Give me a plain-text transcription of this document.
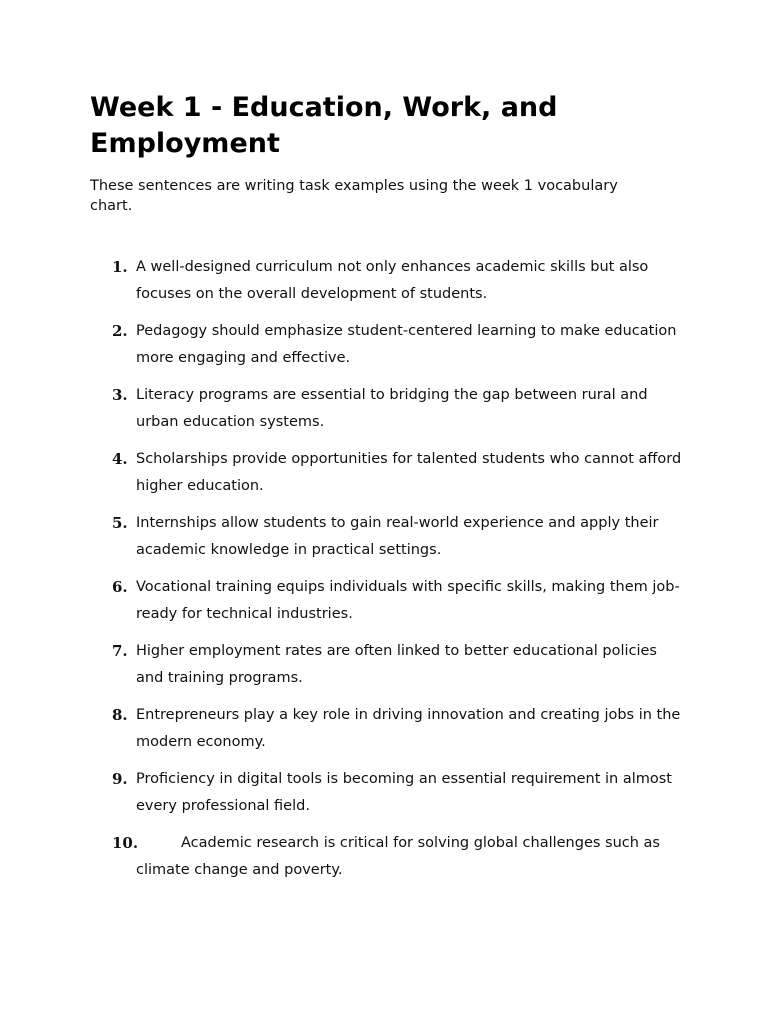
Week 1 - Education, Work, and Employment

These sentences are writing task examples using the week 1 vocabulary chart.

1. A well-designed curriculum not only enhances academic skills but also focuses on the overall development of students.
2. Pedagogy should emphasize student-centered learning to make education more engaging and effective.
3. Literacy programs are essential to bridging the gap between rural and urban education systems.
4. Scholarships provide opportunities for talented students who cannot afford higher education.
5. Internships allow students to gain real-world experience and apply their academic knowledge in practical settings.
6. Vocational training equips individuals with specific skills, making them job-ready for technical industries.
7. Higher employment rates are often linked to better educational policies and training programs.
8. Entrepreneurs play a key role in driving innovation and creating jobs in the modern economy.
9. Proficiency in digital tools is becoming an essential requirement in almost every professional field.
10.	Academic research is critical for solving global challenges such as climate change and poverty.
